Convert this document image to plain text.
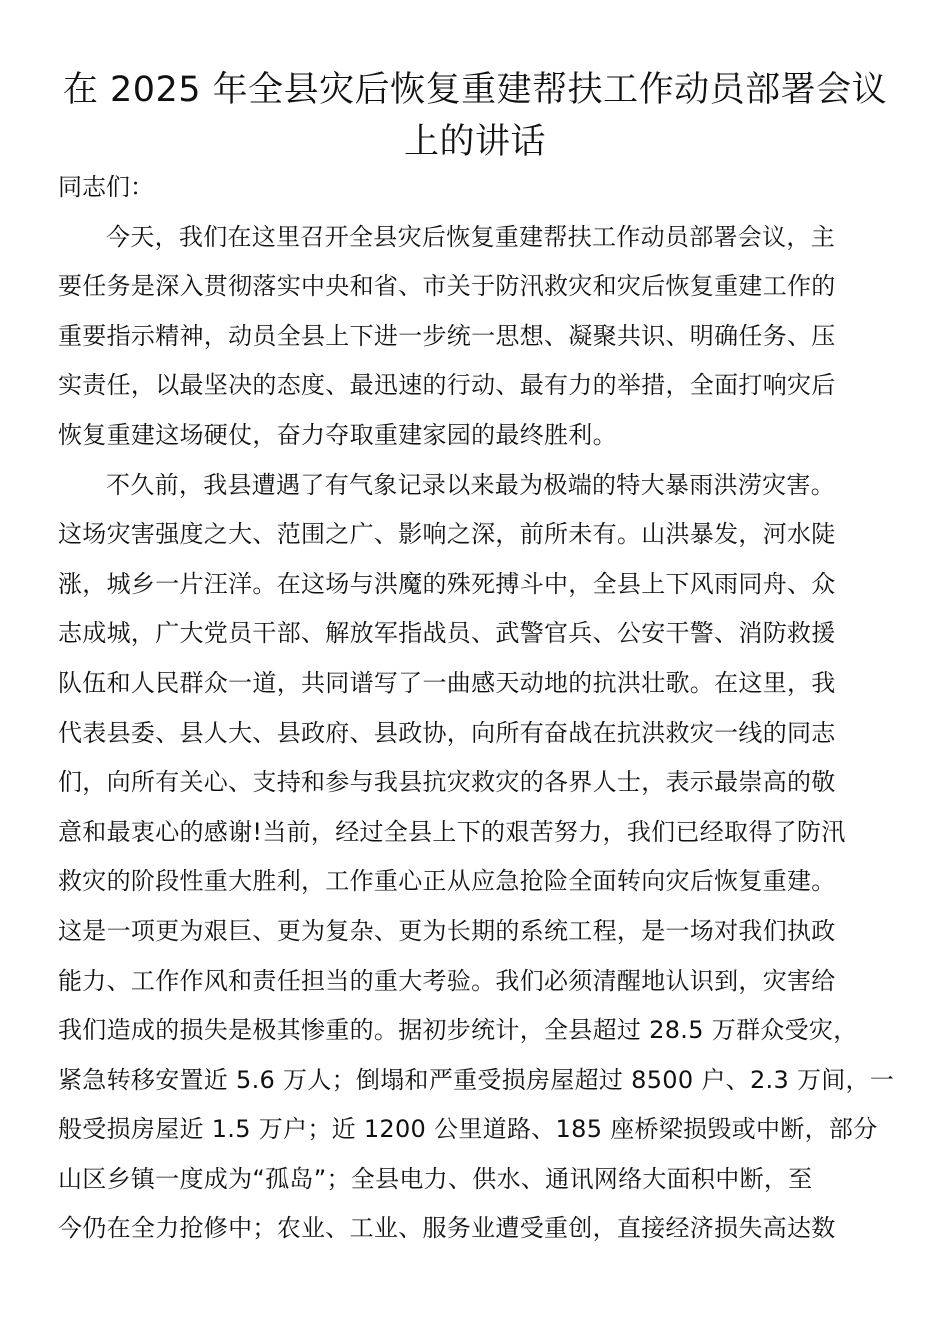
在 2025 年全县灾后恢复重建帮扶工作动员部署会议
上的讲话

同志们：

今天，我们在这里召开全县灾后恢复重建帮扶工作动员部署会议，主
要任务是深入贯彻落实中央和省、市关于防汛救灾和灾后恢复重建工作的
重要指示精神，动员全县上下进一步统一思想、凝聚共识、明确任务、压
实责任，以最坚决的态度、最迅速的行动、最有力的举措，全面打响灾后
恢复重建这场硬仗，奋力夺取重建家园的最终胜利。

不久前，我县遭遇了有气象记录以来最为极端的特大暴雨洪涝灾害。
这场灾害强度之大、范围之广、影响之深，前所未有。山洪暴发，河水陡
涨，城乡一片汪洋。在这场与洪魔的殊死搏斗中，全县上下风雨同舟、众
志成城，广大党员干部、解放军指战员、武警官兵、公安干警、消防救援
队伍和人民群众一道，共同谱写了一曲感天动地的抗洪壮歌。在这里，我
代表县委、县人大、县政府、县政协，向所有奋战在抗洪救灾一线的同志
们，向所有关心、支持和参与我县抗灾救灾的各界人士，表示最崇高的敬
意和最衷心的感谢!当前，经过全县上下的艰苦努力，我们已经取得了防汛
救灾的阶段性重大胜利，工作重心正从应急抢险全面转向灾后恢复重建。
这是一项更为艰巨、更为复杂、更为长期的系统工程，是一场对我们执政
能力、工作作风和责任担当的重大考验。我们必须清醒地认识到，灾害给
我们造成的损失是极其惨重的。据初步统计，全县超过 28.5 万群众受灾，
紧急转移安置近 5.6 万人；倒塌和严重受损房屋超过 8500 户、2.3 万间，一
般受损房屋近 1.5 万户；近 1200 公里道路、185 座桥梁损毁或中断，部分
山区乡镇一度成为“孤岛”；全县电力、供水、通讯网络大面积中断，至
今仍在全力抢修中；农业、工业、服务业遭受重创，直接经济损失高达数
